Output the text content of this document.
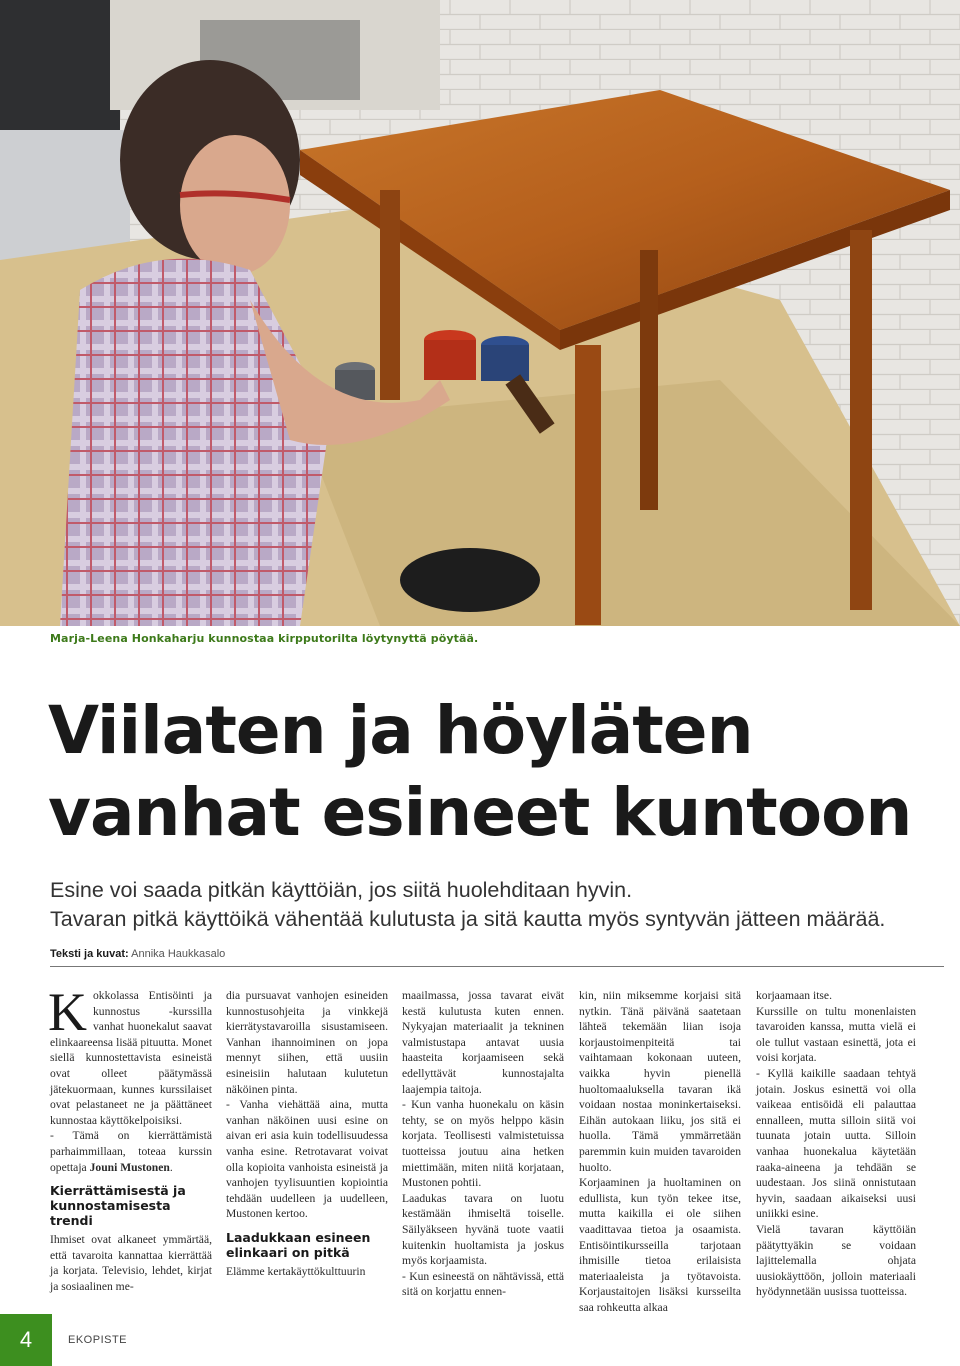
Marja-Leena Honkaharju kunnostaa kirpputorilta löytynyttä pöytää.
Viilaten ja höyläten
vanhat esineet kuntoon
Esine voi saada pitkän käyttöiän, jos siitä huolehditaan hyvin.
Tavaran pitkä käyttöikä vähentää kulutusta ja sitä kautta myös syntyvän jätteen määrää.
Teksti ja kuvat: Annika Haukkasalo

Kokkolassa Entisöinti ja kunnostus -kurssilla vanhat huonekalut saavat elinkaareensa lisää pituutta. Monet siellä kunnostettavista esineistä ovat olleet päätymässä jätekuormaan, kunnes kurssilaiset ovat pelastaneet ne ja päättäneet kunnostaa käyttökelpoisiksi.

- Tämä on kierrättämistä parhaimmillaan, toteaa kurssin opettaja Jouni Mustonen.

Kierrättämisestä ja kunnostamisesta trendi

Ihmiset ovat alkaneet ymmärtää, että tavaroita kannattaa kierrättää ja korjata. Televisio, lehdet, kirjat ja sosiaalinen me-

dia pursuavat vanhojen esineiden kunnostusohjeita ja vinkkejä kierrätystavaroilla sisustamiseen. Vanhan ihannoiminen on jopa mennyt siihen, että uusiin esineisiin halutaan kulutetun näköinen pinta.

- Vanha viehättää aina, mutta vanhan näköinen uusi esine on aivan eri asia kuin todellisuudessa vanha esine. Retrotavarat voivat olla kopioita vanhoista esineistä ja vanhojen tyylisuuntien kopiointia tehdään uudelleen ja uudelleen, Mustonen kertoo.

Laadukkaan esineen elinkaari on pitkä

Elämme kertakäyttökulttuurin

maailmassa, jossa tavarat eivät kestä kulutusta kuten ennen. Nykyajan materiaalit ja tekninen valmistustapa antavat uusia haasteita korjaamiseen sekä edellyttävät kunnostajalta laajempia taitoja.

- Kun vanha huonekalu on käsin tehty, se on myös helppo käsin korjata. Teollisesti valmistetuissa tuotteissa joutuu aina hetken miettimään, miten niitä korjataan, Mustonen pohtii.

Laadukas tavara on luotu kestämään ihmiseltä toiselle. Säilyäkseen hyvänä tuote vaatii kuitenkin huoltamista ja joskus myös korjaamista.

- Kun esineestä on nähtävissä, että sitä on korjattu ennen-

kin, niin miksemme korjaisi sitä nytkin. Tänä päivänä saatetaan lähteä tekemään liian isoja korjaustoimenpiteitä tai vaihtamaan kokonaan uuteen, vaikka hyvin pienellä huoltomaaluksella tavaran ikä voidaan nostaa moninkertaiseksi. Eihän autokaan liiku, jos sitä ei huolla. Tämä ymmärretään paremmin kuin muiden tavaroiden huolto.

Korjaaminen ja huoltaminen on edullista, kun työn tekee itse, mutta kaikilla ei ole siihen vaadittavaa tietoa ja osaamista. Entisöintikursseilla tarjotaan ihmisille tietoa erilaisista materiaaleista ja työtavoista. Korjaustaitojen lisäksi kursseilta saa rohkeutta alkaa

korjaamaan itse.

Kurssille on tultu monenlaisten tavaroiden kanssa, mutta vielä ei ole tullut vastaan esinettä, jota ei voisi korjata.

- Kyllä kaikille saadaan tehtyä jotain. Joskus esinettä voi olla vaikeaa entisöidä eli palauttaa ennalleen, mutta silloin siitä voi tuunata jotain uutta. Silloin vanhaa huonekalua käytetään raaka-aineena ja tehdään se uudestaan. Jos siinä onnistutaan hyvin, saadaan aikaiseksi uusi uniikki esine.

Vielä tavaran käyttöiän päätyttyäkin se voidaan lajittelemalla ohjata uusiokäyttöön, jolloin materiaali hyödynnetään uusissa tuotteissa.

4	EKOPISTE
